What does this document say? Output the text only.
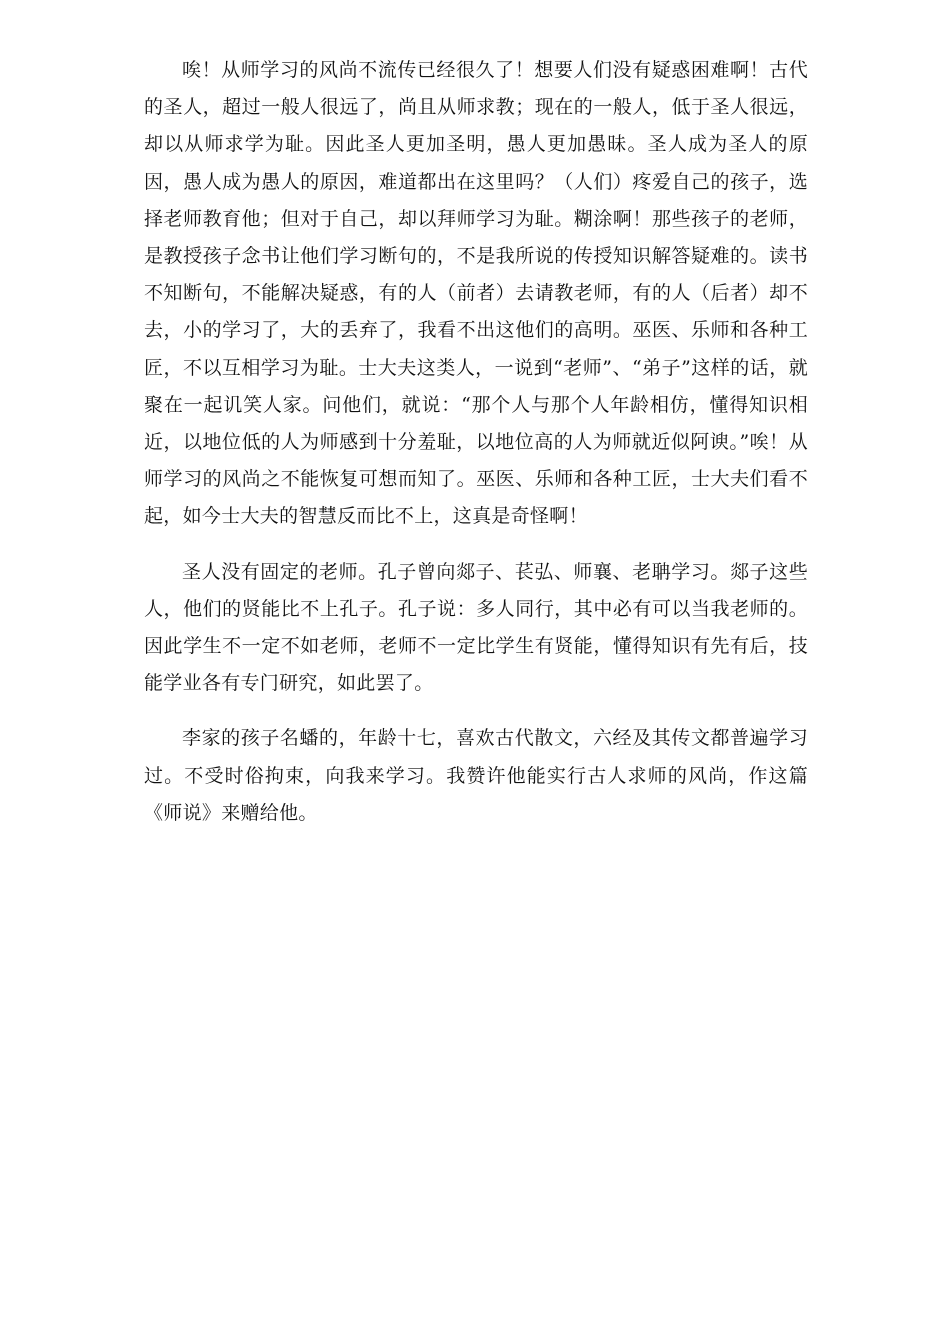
唉！从师学习的风尚不流传已经很久了！想要人们没有疑惑困难啊！古代的圣人，超过一般人很远了，尚且从师求教；现在的一般人，低于圣人很远，却以从师求学为耻。因此圣人更加圣明，愚人更加愚昧。圣人成为圣人的原因，愚人成为愚人的原因，难道都出在这里吗？（人们）疼爱自己的孩子，选择老师教育他；但对于自己，却以拜师学习为耻。糊涂啊！那些孩子的老师，是教授孩子念书让他们学习断句的，不是我所说的传授知识解答疑难的。读书不知断句，不能解决疑惑，有的人（前者）去请教老师，有的人（后者）却不去，小的学习了，大的丢弃了，我看不出这他们的高明。巫医、乐师和各种工匠，不以互相学习为耻。士大夫这类人，一说到“老师”、“弟子”这样的话，就聚在一起讥笑人家。问他们，就说：“那个人与那个人年龄相仿，懂得知识相近，以地位低的人为师感到十分羞耻，以地位高的人为师就近似阿谀。”唉！从师学习的风尚之不能恢复可想而知了。巫医、乐师和各种工匠，士大夫们看不起，如今士大夫的智慧反而比不上，这真是奇怪啊！

圣人没有固定的老师。孔子曾向郯子、苌弘、师襄、老聃学习。郯子这些人，他们的贤能比不上孔子。孔子说：多人同行，其中必有可以当我老师的。因此学生不一定不如老师，老师不一定比学生有贤能，懂得知识有先有后，技能学业各有专门研究，如此罢了。

李家的孩子名蟠的，年龄十七，喜欢古代散文，六经及其传文都普遍学习过。不受时俗拘束，向我来学习。我赞许他能实行古人求师的风尚，作这篇《师说》来赠给他。
